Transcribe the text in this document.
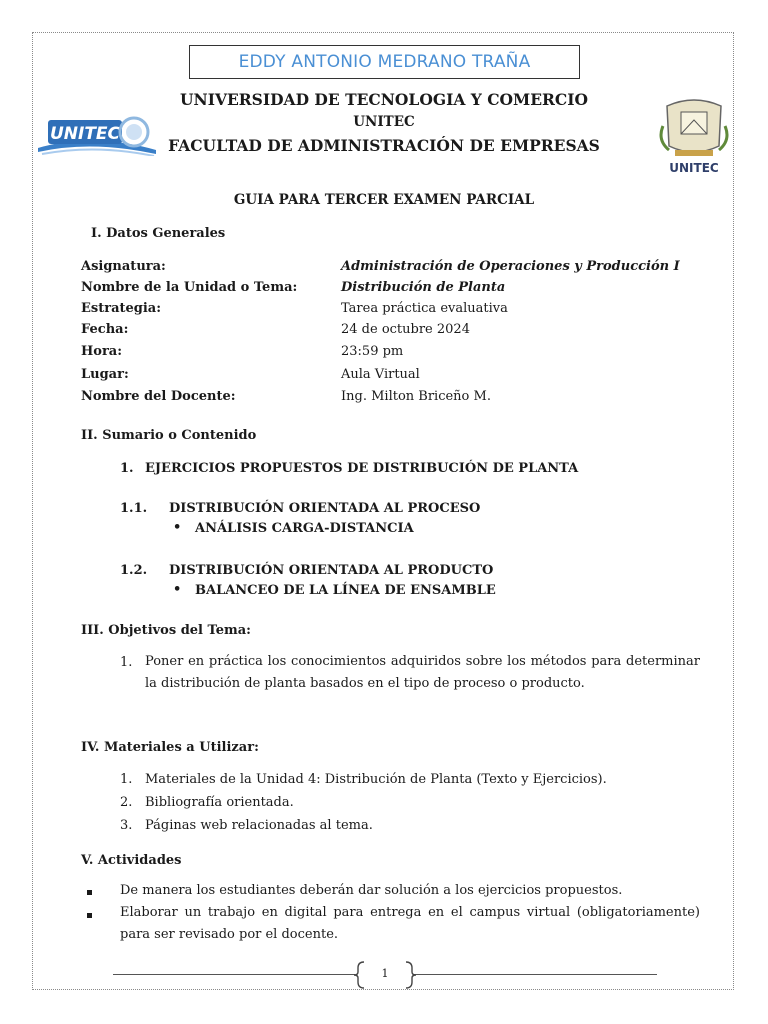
EDDY ANTONIO MEDRANO TRAÑA
UNIVERSIDAD DE TECNOLOGIA Y COMERCIO
UNITEC
FACULTAD DE ADMINISTRACIÓN DE EMPRESAS
UNITEC
UNITEC
GUIA PARA TERCER EXAMEN PARCIAL
I. Datos Generales
Asignatura:	Administración de Operaciones y Producción I
Nombre de la Unidad o Tema:	Distribución de Planta
Estrategia:	Tarea práctica evaluativa
Fecha:	24 de octubre 2024
Hora:	23:59 pm
Lugar:	Aula Virtual
Nombre del Docente:	Ing. Milton Briceño M.
II. Sumario o Contenido
1. EJERCICIOS PROPUESTOS DE DISTRIBUCIÓN DE PLANTA
1.1. DISTRIBUCIÓN ORIENTADA AL PROCESO
• ANÁLISIS CARGA-DISTANCIA
1.2. DISTRIBUCIÓN ORIENTADA AL PRODUCTO
• BALANCEO DE LA LÍNEA DE ENSAMBLE
III. Objetivos del Tema:
1. Poner en práctica los conocimientos adquiridos sobre los métodos para determinar la distribución de planta basados en el tipo de proceso o producto.
IV. Materiales a Utilizar:
1. Materiales de la Unidad 4: Distribución de Planta (Texto y Ejercicios).
2. Bibliografía orientada.
3. Páginas web relacionadas al tema.
V. Actividades
De manera los estudiantes deberán dar solución a los ejercicios propuestos.
Elaborar un trabajo en digital para entrega en el campus virtual (obligatoriamente) para ser revisado por el docente.
1
